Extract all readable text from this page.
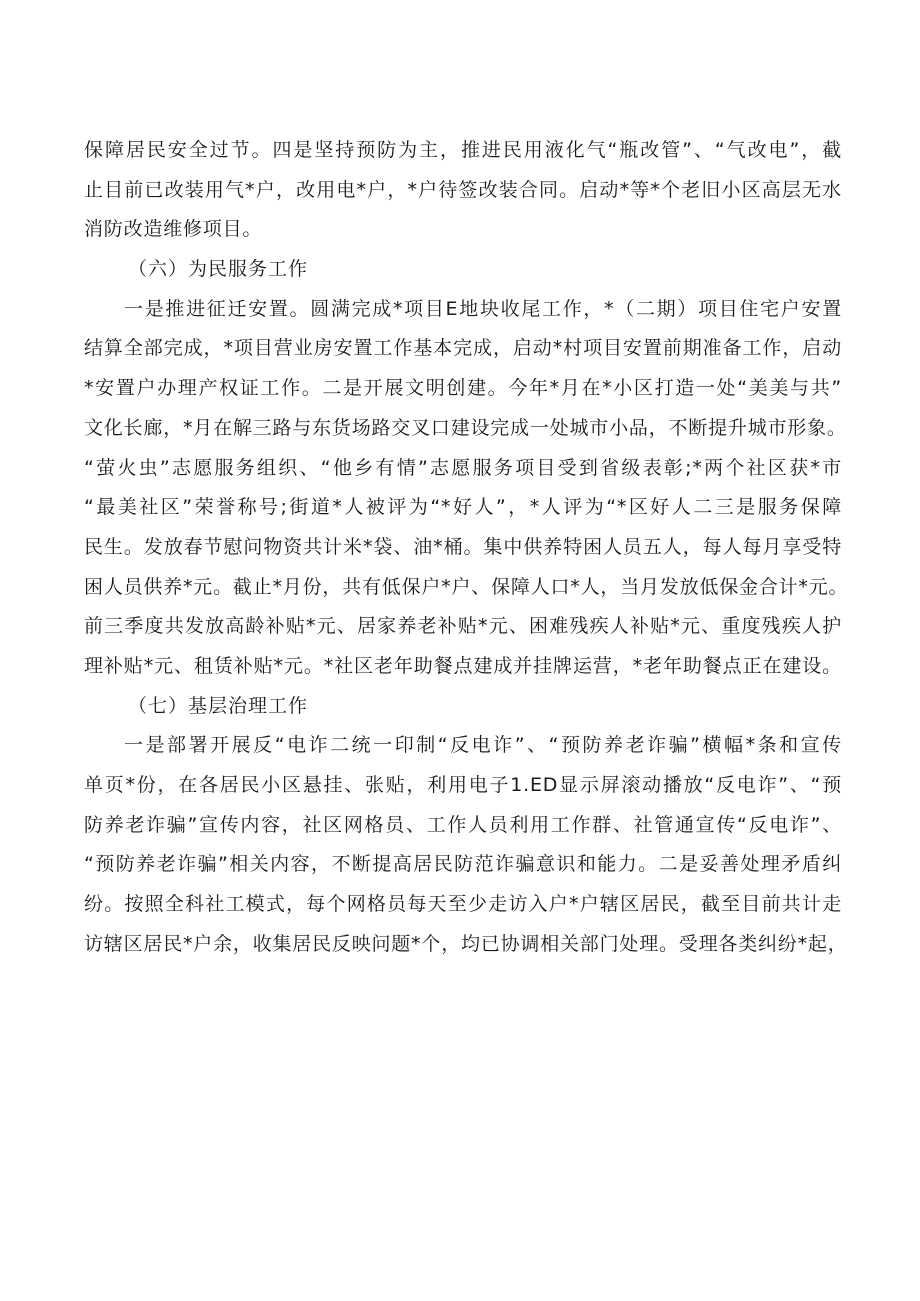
保障居民安全过节。四是坚持预防为主，推进民用液化气“瓶改管”、“气改电”，截
止目前已改装用气*户，改用电*户，*户待签改装合同。启动*等*个老旧小区高层无水
消防改造维修项目。
（六）为民服务工作
一是推进征迁安置。圆满完成*项目E地块收尾工作，*（二期）项目住宅户安置
结算全部完成，*项目营业房安置工作基本完成，启动*村项目安置前期准备工作，启动
*安置户办理产权证工作。二是开展文明创建。今年*月在*小区打造一处“美美与共”
文化长廊，*月在解三路与东货场路交叉口建设完成一处城市小品，不断提升城市形象。
“萤火虫”志愿服务组织、“他乡有情”志愿服务项目受到省级表彰;*两个社区获*市
“最美社区”荣誉称号;街道*人被评为“*好人”，*人评为“*区好人二三是服务保障
民生。发放春节慰问物资共计米*袋、油*桶。集中供养特困人员五人，每人每月享受特
困人员供养*元。截止*月份，共有低保户*户、保障人口*人，当月发放低保金合计*元。
前三季度共发放高龄补贴*元、居家养老补贴*元、困难残疾人补贴*元、重度残疾人护
理补贴*元、租赁补贴*元。*社区老年助餐点建成并挂牌运营，*老年助餐点正在建设。
（七）基层治理工作
一是部署开展反“电诈二统一印制“反电诈”、“预防养老诈骗”横幅*条和宣传
单页*份，在各居民小区悬挂、张贴，利用电子1.ED显示屏滚动播放“反电诈”、“预
防养老诈骗”宣传内容，社区网格员、工作人员利用工作群、社管通宣传“反电诈”、
“预防养老诈骗”相关内容，不断提高居民防范诈骗意识和能力。二是妥善处理矛盾纠
纷。按照全科社工模式，每个网格员每天至少走访入户*户辖区居民，截至目前共计走
访辖区居民*户余，收集居民反映问题*个，均已协调相关部门处理。受理各类纠纷*起，
